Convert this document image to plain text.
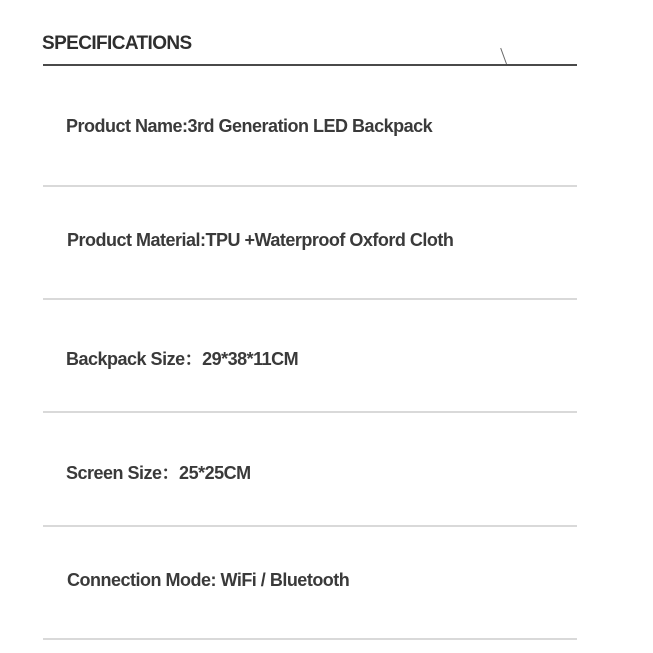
SPECIFICATIONS
Product Name:3rd Generation LED Backpack
Product Material:TPU +Waterproof Oxford Cloth
Backpack Size：29*38*11CM
Screen Size：25*25CM
Connection Mode: WiFi / Bluetooth
